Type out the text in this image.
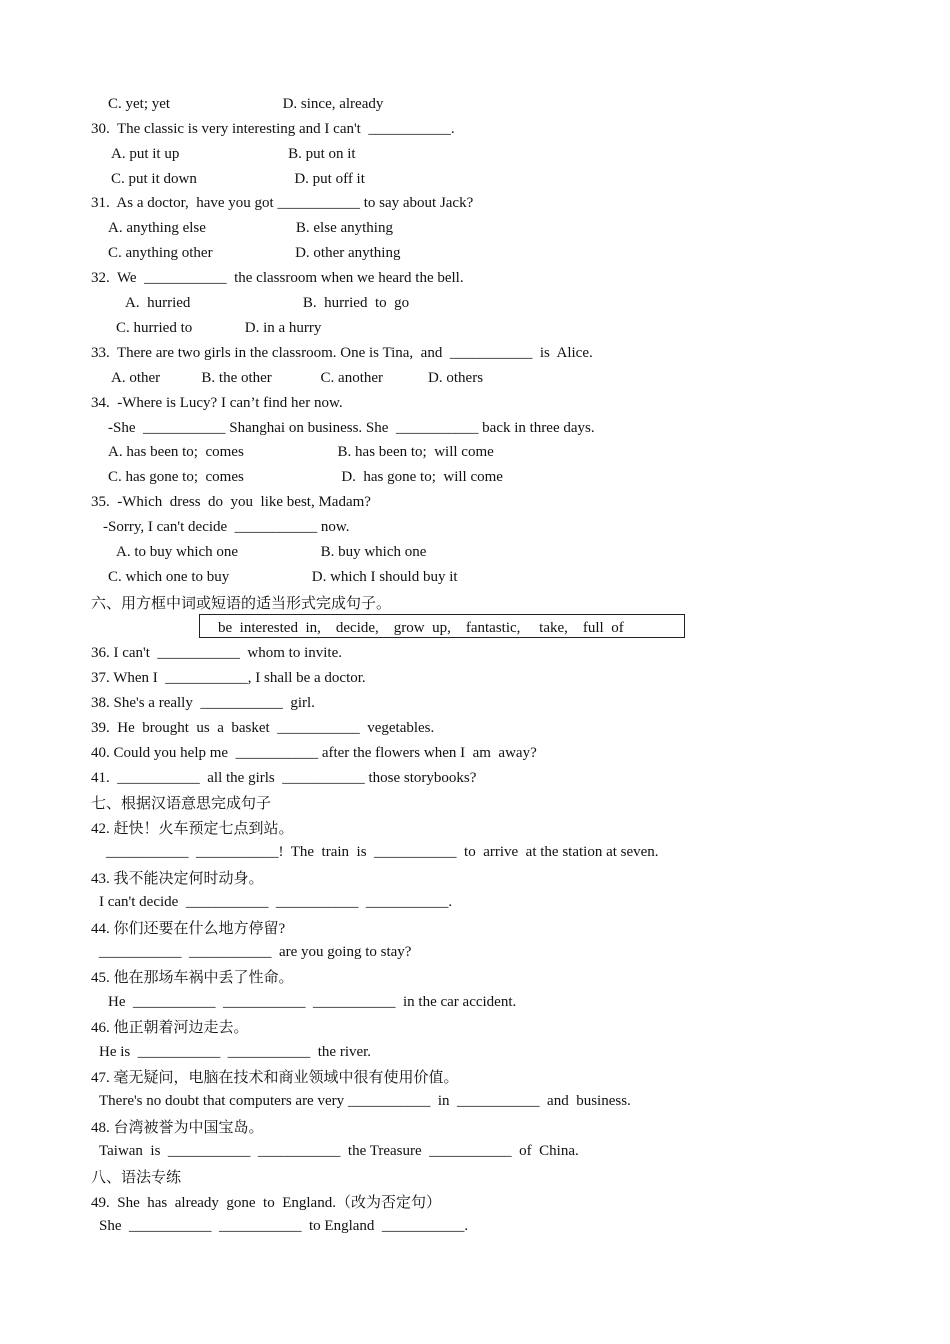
C. yet; yet                              D. since, already
30.  The classic is very interesting and I can't  ___________.
A. put it up                             B. put on it
C. put it down                          D. put off it
31.  As a doctor,  have you got ___________ to say about Jack?
A. anything else                        B. else anything
C. anything other                      D. other anything
32.  We  ___________  the classroom when we heard the bell.
A.  hurried                              B.  hurried  to  go
C. hurried to              D. in a hurry
33.  There are two girls in the classroom. One is Tina,  and  ___________  is  Alice.
A. other           B. the other             C. another            D. others
34.  -Where is Lucy? I can’t find her now.
-She  ___________ Shanghai on business. She  ___________ back in three days.
A. has been to;  comes                         B. has been to;  will come
C. has gone to;  comes                          D.  has gone to;  will come
35.  -Which  dress  do  you  like best, Madam?
-Sorry, I can't decide  ___________ now.
A. to buy which one                      B. buy which one
C. which one to buy                      D. which I should buy it
六、用方框中词或短语的适当形式完成句子。
be  interested  in,    decide,    grow  up,    fantastic,     take,    full  of
36. I can't  ___________  whom to invite.
37. When I  ___________, I shall be a doctor.
38. She's a really  ___________  girl.
39.  He  brought  us  a  basket  ___________  vegetables.
40. Could you help me  ___________ after the flowers when I  am  away?
41.  ___________  all the girls  ___________ those storybooks?
七、根据汉语意思完成句子
42. 赶快！火车预定七点到站。
___________  ___________!  The  train  is  ___________  to  arrive  at the station at seven.
43. 我不能决定何时动身。
I can't decide  ___________  ___________  ___________.
44. 你们还要在什么地方停留?
___________  ___________  are you going to stay?
45. 他在那场车祸中丢了性命。
He  ___________  ___________  ___________  in the car accident.
46. 他正朝着河边走去。
He is  ___________  ___________  the river.
47. 毫无疑问，电脑在技术和商业领域中很有使用价值。
There's no doubt that computers are very ___________  in  ___________  and  business.
48. 台湾被誉为中国宝岛。
Taiwan  is  ___________  ___________  the Treasure  ___________  of  China.
八、语法专练
49.  She  has  already  gone  to  England.（改为否定句）
She  ___________  ___________  to England  ___________.
